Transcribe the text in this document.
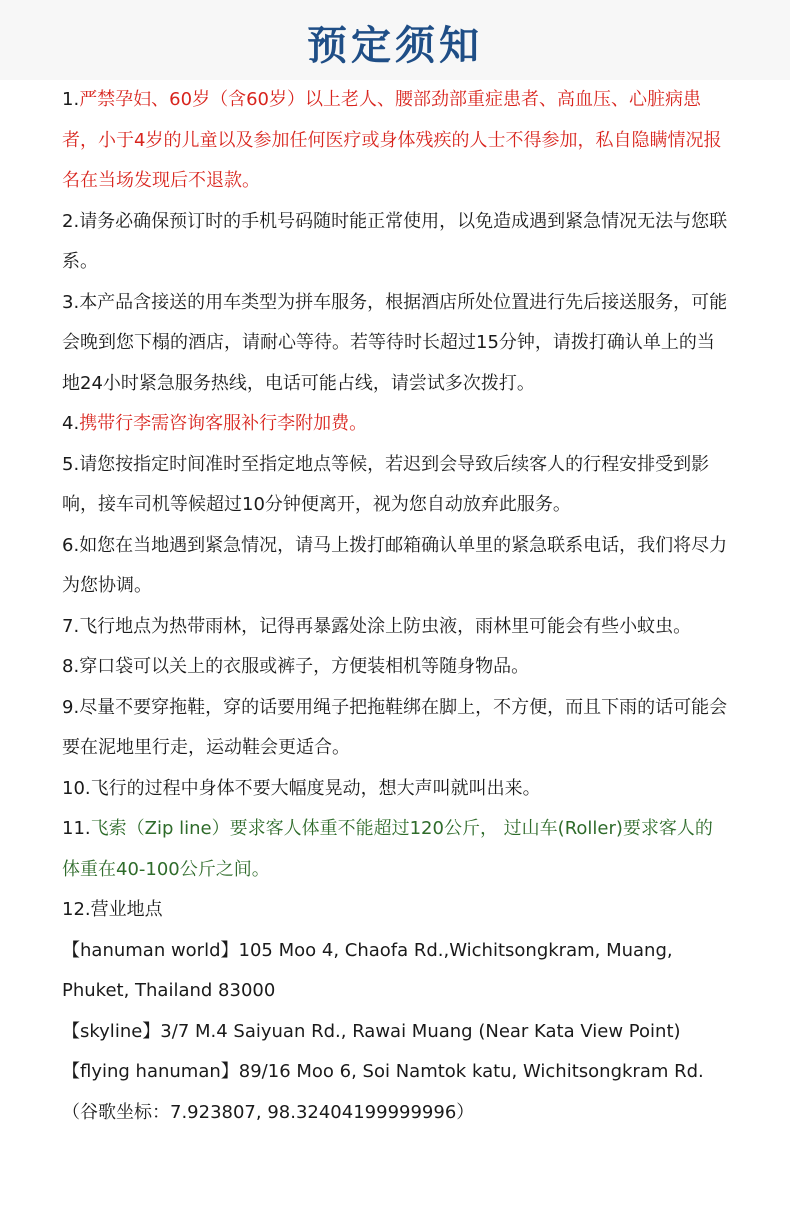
预定须知

1.严禁孕妇、60岁（含60岁）以上老人、腰部劲部重症患者、高血压、心脏病患者，小于4岁的儿童以及参加任何医疗或身体残疾的人士不得参加，私自隐瞒情况报名在当场发现后不退款。

2.请务必确保预订时的手机号码随时能正常使用，以免造成遇到紧急情况无法与您联系。

3.本产品含接送的用车类型为拼车服务，根据酒店所处位置进行先后接送服务，可能会晚到您下榻的酒店，请耐心等待。若等待时长超过15分钟，请拨打确认单上的当地24小时紧急服务热线，电话可能占线，请尝试多次拨打。

4.携带行李需咨询客服补行李附加费。

5.请您按指定时间准时至指定地点等候，若迟到会导致后续客人的行程安排受到影响，接车司机等候超过10分钟便离开，视为您自动放弃此服务。

6.如您在当地遇到紧急情况，请马上拨打邮箱确认单里的紧急联系电话，我们将尽力为您协调。

7.飞行地点为热带雨林，记得再暴露处涂上防虫液，雨林里可能会有些小蚊虫。

8.穿口袋可以关上的衣服或裤子，方便装相机等随身物品。

9.尽量不要穿拖鞋，穿的话要用绳子把拖鞋绑在脚上，不方便，而且下雨的话可能会要在泥地里行走，运动鞋会更适合。

10.飞行的过程中身体不要大幅度晃动，想大声叫就叫出来。

11.飞索（Zip line）要求客人体重不能超过120公斤， 过山车(Roller)要求客人的体重在40-100公斤之间。

12.营业地点

【hanuman world】105 Moo 4, Chaofa Rd.,Wichitsongkram, Muang, Phuket, Thailand 83000

【skyline】3/7 M.4 Saiyuan Rd., Rawai Muang (Near Kata View Point)

【flying hanuman】89/16 Moo 6, Soi Namtok katu, Wichitsongkram Rd. （谷歌坐标：7.923807, 98.32404199999996）
